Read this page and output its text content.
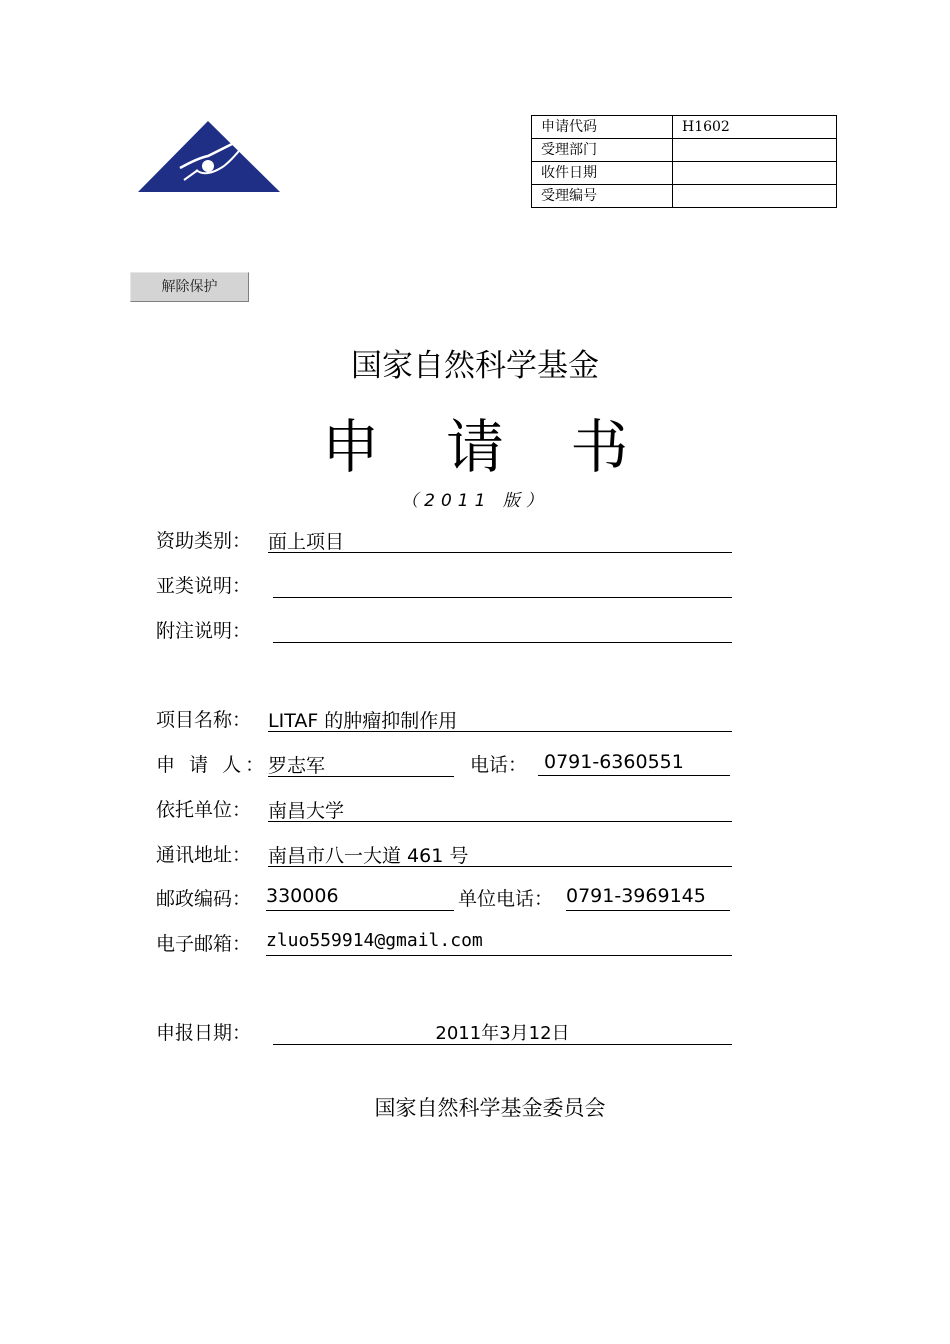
申请代码	H1602
受理部门	
收件日期	
受理编号	
解除保护
国家自然科学基金
申 请 书
（2011 版）
资助类别： 面上项目
亚类说明：
附注说明：
项目名称： LITAF 的肿瘤抑制作用
申 请 人： 罗志军	电话： 0791-6360551
依托单位： 南昌大学
通讯地址： 南昌市八一大道 461 号
邮政编码： 330006	单位电话： 0791-3969145
电子邮箱： zluo559914@gmail.com
申报日期：	2011年3月12日
国家自然科学基金委员会
